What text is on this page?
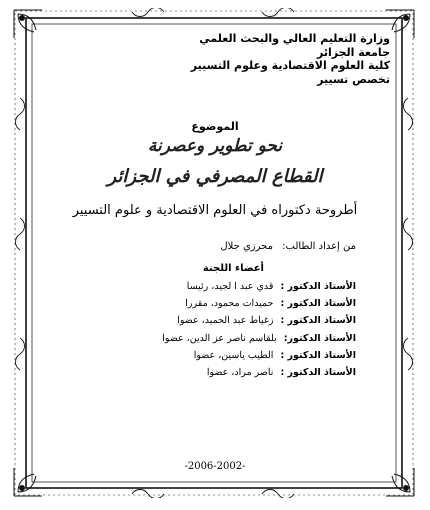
وزارة التعليم العالي والبحث العلمي
جامعة الجزائر
كلية العلوم الاقتصادية وعلوم التسيير
تخصص تسيير
الموضوع
نحو تطوير وعصرنة
القطاع المصرفي في الجزائر
أطروحة دكتوراه في العلوم الاقتصادية و علوم التسيير
من إعداد الطالب: محرزي جلال
أعضاء اللجنة
الأستاذ الدكتور : قدي عبد ا لجيد، رئيسا
الأستاذ الدكتور : حميدات محمود، مقررا
الأستاذ الدكتور : زغياط عبد الحميد، عضوا
الأستاذ الدكتور: بلقاسم ناصر عز الدين، عضوا
الأستاذ الدكتور : الطيب ياسين، عضوا
الأستاذ الدكتور : ناصر مراد، عضوا
-2006-2002-
